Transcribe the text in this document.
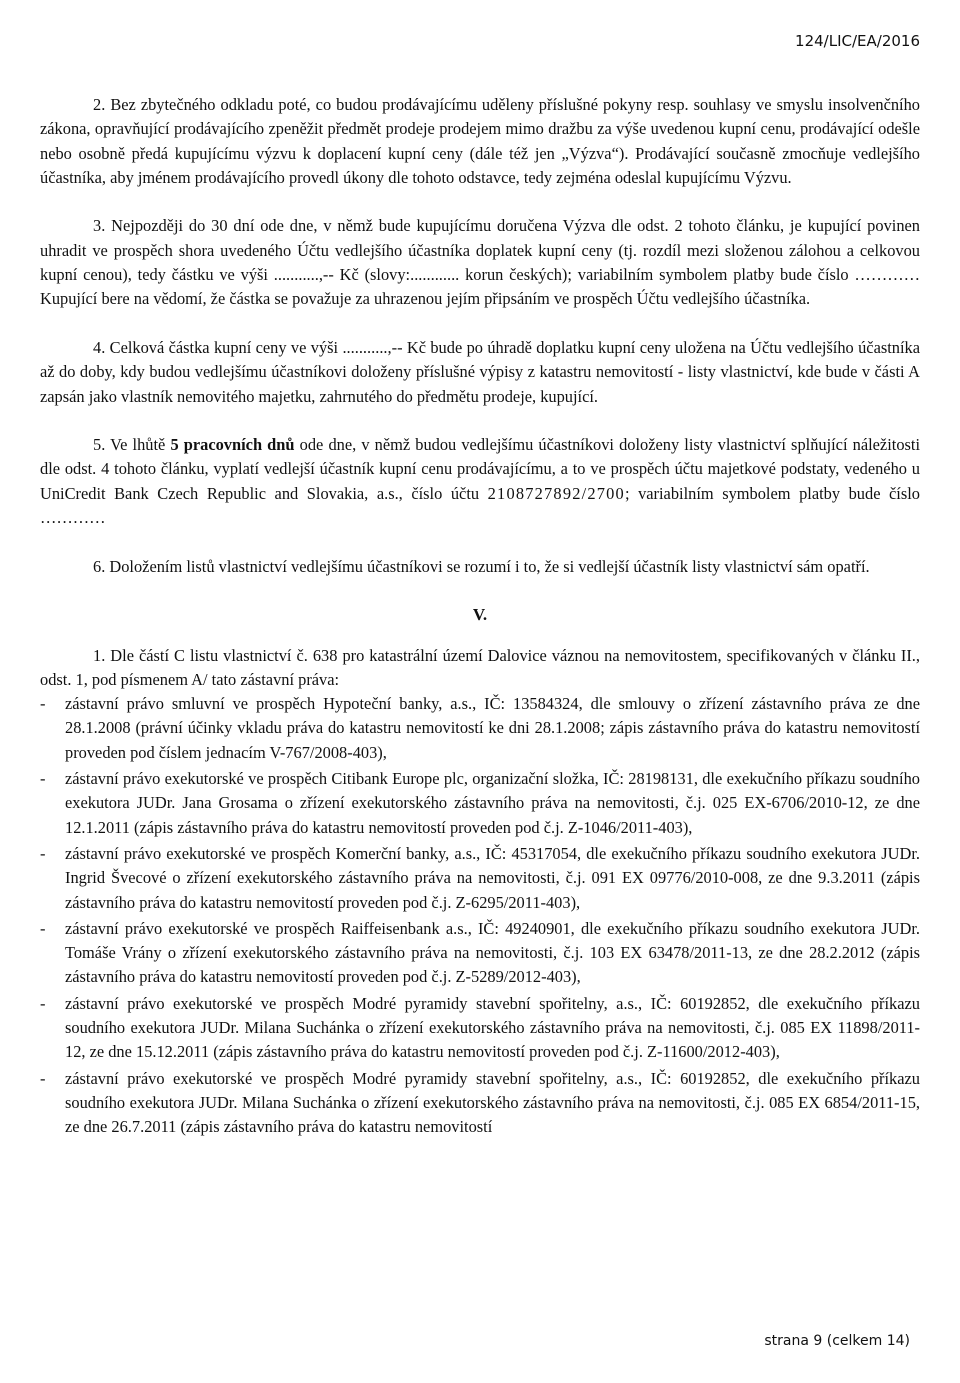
124/LIC/EA/2016

2. Bez zbytečného odkladu poté, co budou prodávajícímu uděleny příslušné pokyny resp. souhlasy ve smyslu insolvenčního zákona, opravňující prodávajícího zpeněžit předmět prodeje prodejem mimo dražbu za výše uvedenou kupní cenu, prodávající odešle nebo osobně předá kupujícímu výzvu k doplacení kupní ceny (dále též jen „Výzva“). Prodávající současně zmocňuje vedlejšího účastníka, aby jménem prodávajícího provedl úkony dle tohoto odstavce, tedy zejména odeslal kupujícímu Výzvu.

3. Nejpozději do 30 dní ode dne, v němž bude kupujícímu doručena Výzva dle odst. 2 tohoto článku, je kupující povinen uhradit ve prospěch shora uvedeného Účtu vedlejšího účastníka doplatek kupní ceny (tj. rozdíl mezi složenou zálohou a celkovou kupní cenou), tedy částku ve výši ...........,-- Kč (slovy:............ korun českých); variabilním symbolem platby bude číslo ………… Kupující bere na vědomí, že částka se považuje za uhrazenou jejím připsáním ve prospěch Účtu vedlejšího účastníka.

4. Celková částka kupní ceny ve výši ...........,-- Kč bude po úhradě doplatku kupní ceny uložena na Účtu vedlejšího účastníka až do doby, kdy budou vedlejšímu účastníkovi doloženy příslušné výpisy z katastru nemovitostí - listy vlastnictví, kde bude v části A zapsán jako vlastník nemovitého majetku, zahrnutého do předmětu prodeje, kupující.

5. Ve lhůtě 5 pracovních dnů ode dne, v němž budou vedlejšímu účastníkovi doloženy listy vlastnictví splňující náležitosti dle odst. 4 tohoto článku, vyplatí vedlejší účastník kupní cenu prodávajícímu, a to ve prospěch účtu majetkové podstaty, vedeného u UniCredit Bank Czech Republic and Slovakia, a.s., číslo účtu 2108727892/2700; variabilním symbolem platby bude číslo …………

6. Doložením listů vlastnictví vedlejšímu účastníkovi se rozumí i to, že si vedlejší účastník listy vlastnictví sám opatří.

V.

1. Dle částí C listu vlastnictví č. 638 pro katastrální území Dalovice váznou na nemovitostem, specifikovaných v článku II., odst. 1, pod písmenem A/ tato zástavní práva:

- zástavní právo smluvní ve prospěch Hypoteční banky, a.s., IČ: 13584324, dle smlouvy o zřízení zástavního práva ze dne 28.1.2008 (právní účinky vkladu práva do katastru nemovitostí ke dni 28.1.2008; zápis zástavního práva do katastru nemovitostí proveden pod číslem jednacím V-767/2008-403),
- zástavní právo exekutorské ve prospěch Citibank Europe plc, organizační složka, IČ: 28198131, dle exekučního příkazu soudního exekutora JUDr. Jana Grosama o zřízení exekutorského zástavního práva na nemovitosti, č.j. 025 EX-6706/2010-12, ze dne 12.1.2011 (zápis zástavního práva do katastru nemovitostí proveden pod č.j. Z-1046/2011-403),
- zástavní právo exekutorské ve prospěch Komerční banky, a.s., IČ: 45317054, dle exekučního příkazu soudního exekutora JUDr. Ingrid Švecové o zřízení exekutorského zástavního práva na nemovitosti, č.j. 091 EX 09776/2010-008, ze dne 9.3.2011 (zápis zástavního práva do katastru nemovitostí proveden pod č.j. Z-6295/2011-403),
- zástavní právo exekutorské ve prospěch Raiffeisenbank a.s., IČ: 49240901, dle exekučního příkazu soudního exekutora JUDr. Tomáše Vrány o zřízení exekutorského zástavního práva na nemovitosti, č.j. 103 EX 63478/2011-13, ze dne 28.2.2012 (zápis zástavního práva do katastru nemovitostí proveden pod č.j. Z-5289/2012-403),
- zástavní právo exekutorské ve prospěch Modré pyramidy stavební spořitelny, a.s., IČ: 60192852, dle exekučního příkazu soudního exekutora JUDr. Milana Suchánka o zřízení exekutorského zástavního práva na nemovitosti, č.j. 085 EX 11898/2011-12, ze dne 15.12.2011 (zápis zástavního práva do katastru nemovitostí proveden pod č.j. Z-11600/2012-403),
- zástavní právo exekutorské ve prospěch Modré pyramidy stavební spořitelny, a.s., IČ: 60192852, dle exekučního příkazu soudního exekutora JUDr. Milana Suchánka o zřízení exekutorského zástavního práva na nemovitosti, č.j. 085 EX 6854/2011-15, ze dne 26.7.2011 (zápis zástavního práva do katastru nemovitostí
strana 9 (celkem 14)
